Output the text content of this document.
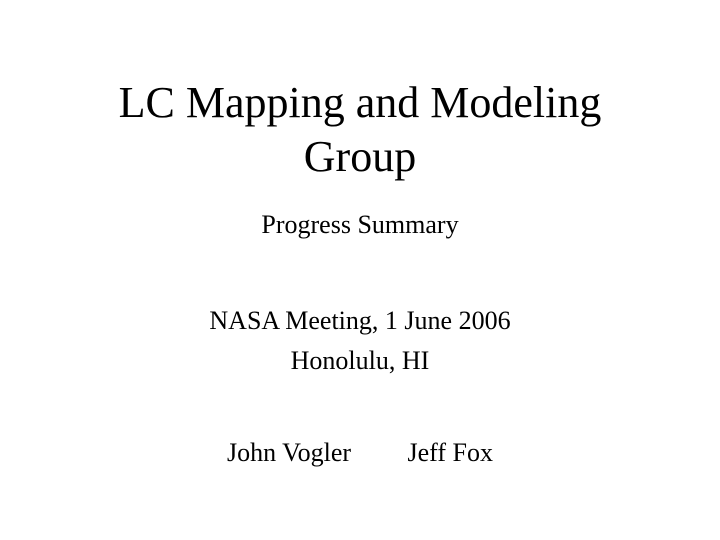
LC Mapping and Modeling
Group
Progress Summary
NASA Meeting, 1 June 2006
Honolulu, HI
John Vogler Jeff Fox
